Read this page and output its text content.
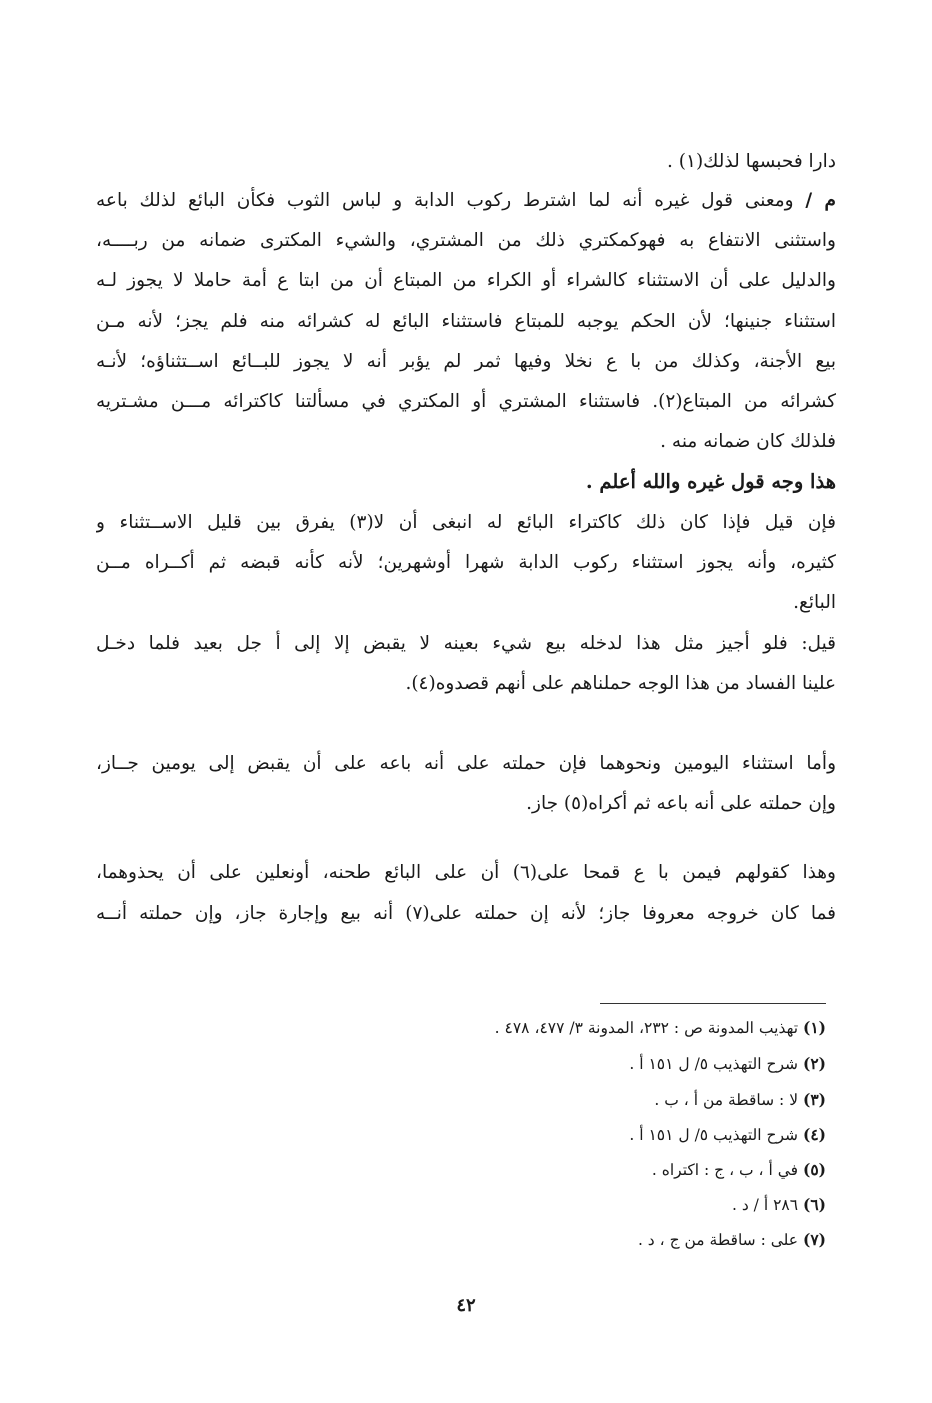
دارا فحبسها لذلك(١) .
م / ومعنى قول غيره أنه لما اشترط ركوب الدابة و لباس الثوب فكأن البائع لذلك باعه
واستثنى الانتفاع به فهوكمكتري ذلك من المشتري، والشيء المكترى ضمانه من ربــــه،
والدليل على أن الاستثناء كالشراء أو الكراء من المبتاع أن من ابتا ع أمة حاملا لا يجوز لـه
استثناء جنينها؛ لأن الحكم يوجبه للمبتاع فاستثناء البائع له كشرائه منه فلم يجز؛ لأنه مـن
بيع الأجنة، وكذلك من با ع نخلا وفيها ثمر لم يؤبر أنه لا يجوز للبــائع اســتثناؤه؛ لأنـه
كشرائه من المبتاع(٢). فاستثناء المشتري أو المكتري في مسألتنا كاكترائه مـــن مشـتريه
فلذلك كان ضمانه منه .
هذا وجه قول غيره والله أعلم .
فإن قيل فإذا كان ذلك كاكتراء البائع له انبغى أن لا(٣) يفرق بين قليل الاســتثناء و
كثيره، وأنه يجوز استثناء ركوب الدابة شهرا أوشهرين؛ لأنه كأنه قبضه ثم أكــراه مــن
البائع.
قيل: فلو أجيز مثل هذا لدخله بيع شيء بعينه لا يقبض إلا إلى أ جل بعيد فلما دخـل
علينا الفساد من هذا الوجه حملناهم على أنهم قصدوه(٤).
وأما استثناء اليومين ونحوهما فإن حملته على أنه باعه على أن يقبض إلى يومين جــاز،
وإن حملته على أنه باعه ثم أكراه(٥) جاز.
وهذا كقولهم فيمن با ع قمحا على(٦) أن على البائع طحنه، أونعلين على أن يحذوهما،
فما كان خروجه معروفا جاز؛ لأنه إن حملته على(٧) أنه بيع وإجارة جاز، وإن حملته أنــه
(١) تهذيب المدونة ص : ٢٣٢، المدونة ٣/ ٤٧٧، ٤٧٨ .
(٢) شرح التهذيب ٥/ ل ١٥١ أ .
(٣) لا : ساقطة من أ ، ب .
(٤) شرح التهذيب ٥/ ل ١٥١ أ .
(٥) في أ ، ب ، ج : اكتراه .
(٦) ٢٨٦ أ / د .
(٧) على : ساقطة من ج ، د .
٤٢
